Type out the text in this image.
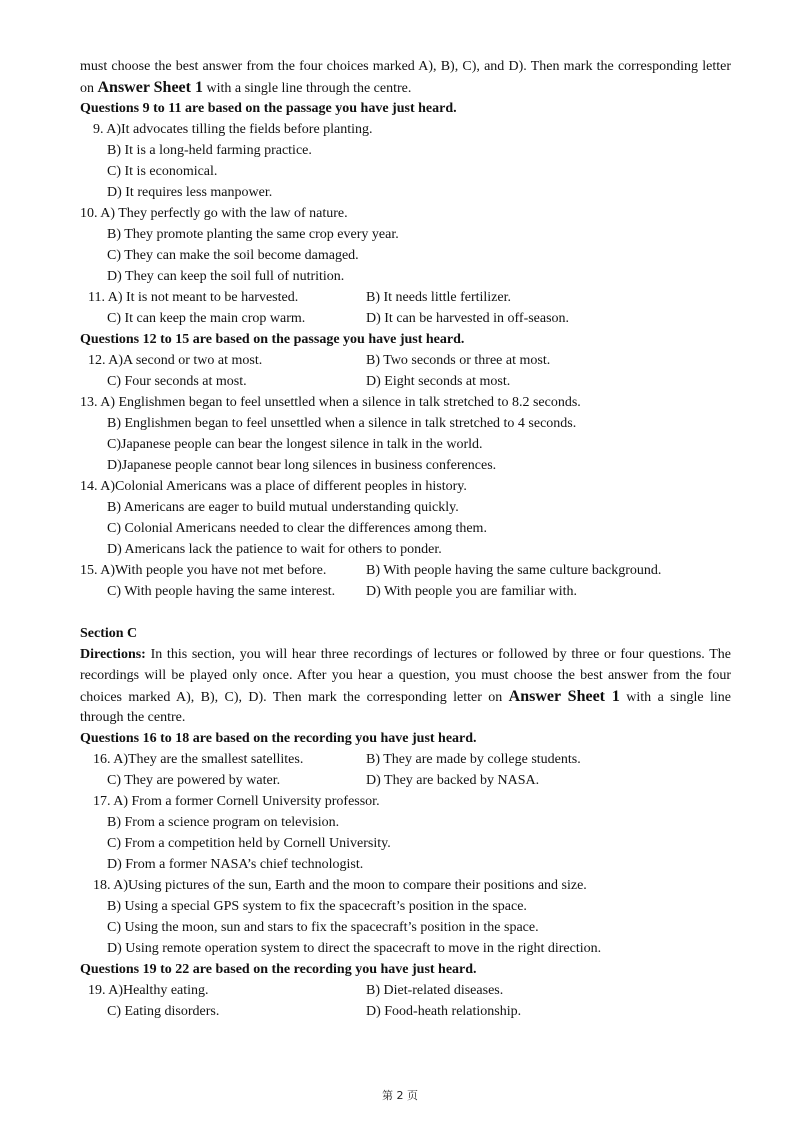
must choose the best answer from the four choices marked A), B), C), and D). Then mark the corresponding letter
on Answer Sheet 1 with a single line through the centre.
Questions 9 to 11 are based on the passage you have just heard.
9. A)It advocates tilling the fields before planting.
B) It is a long-held farming practice.
C) It is economical.
D) It requires less manpower.
10. A) They perfectly go with the law of nature.
B) They promote planting the same crop every year.
C) They can make the soil become damaged.
D) They can keep the soil full of nutrition.
11. A) It is not meant to be harvested.	B) It needs little fertilizer.
C) It can keep the main crop warm.	D) It can be harvested in off-season.
Questions 12 to 15 are based on the passage you have just heard.
12. A)A second or two at most.	B) Two seconds or three at most.
C) Four seconds at most.	D) Eight seconds at most.
13. A) Englishmen began to feel unsettled when a silence in talk stretched to 8.2 seconds.
B) Englishmen began to feel unsettled when a silence in talk stretched to 4 seconds.
C)Japanese people can bear the longest silence in talk in the world.
D)Japanese people cannot bear long silences in business conferences.
14. A)Colonial Americans was a place of different peoples in history.
B) Americans are eager to build mutual understanding quickly.
C) Colonial Americans needed to clear the differences among them.
D) Americans lack the patience to wait for others to ponder.
15. A)With people you have not met before.	B) With people having the same culture background.
C) With people having the same interest. D) With people you are familiar with.
Section C
Directions: In this section, you will hear three recordings of lectures or followed by three or four questions. The
recordings will be played only once. After you hear a question, you must choose the best answer from the four
choices marked A), B), C), D). Then mark the corresponding letter on Answer Sheet 1 with a single line
through the centre.
Questions 16 to 18 are based on the recording you have just heard.
16. A)They are the smallest satellites.	B) They are made by college students.
C) They are powered by water.	D) They are backed by NASA.
17. A) From a former Cornell University professor.
B) From a science program on television.
C) From a competition held by Cornell University.
D) From a former NASA’s chief technologist.
18. A)Using pictures of the sun, Earth and the moon to compare their positions and size.
B) Using a special GPS system to fix the spacecraft’s position in the space.
C) Using the moon, sun and stars to fix the spacecraft’s position in the space.
D) Using remote operation system to direct the spacecraft to move in the right direction.
Questions 19 to 22 are based on the recording you have just heard.
19. A)Healthy eating.	B) Diet-related diseases.
C) Eating disorders.	D) Food-heath relationship.
第 2 页
